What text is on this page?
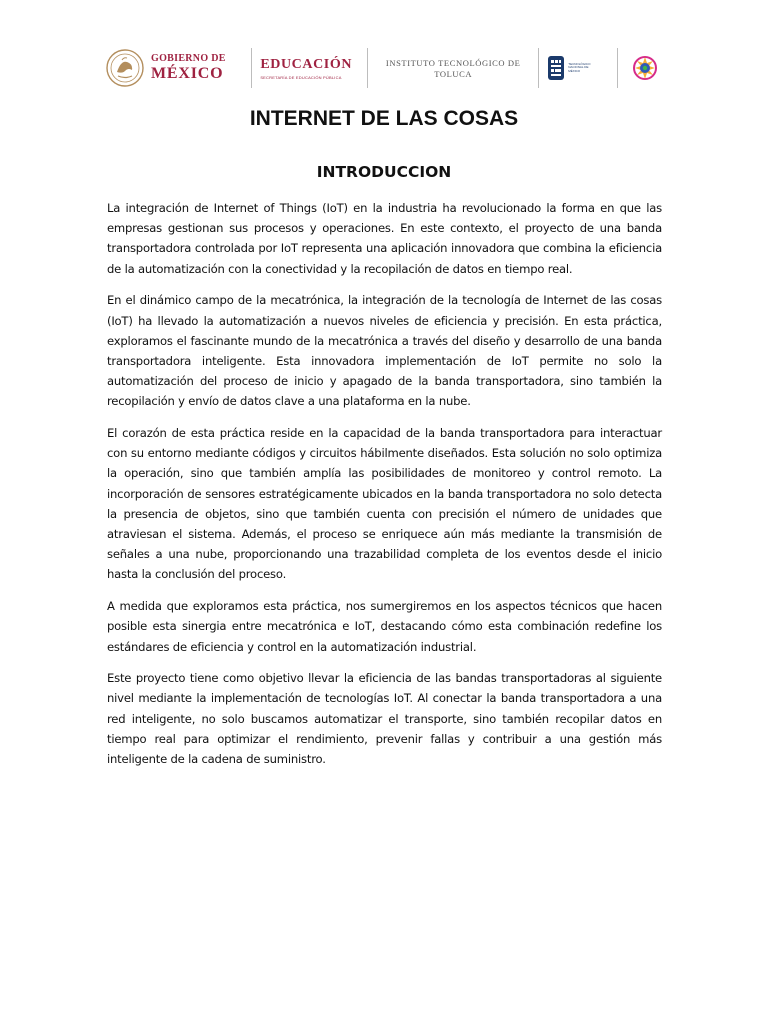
GOBIERNO DE
MÉXICO
EDUCACIÓN
SECRETARÍA DE EDUCACIÓN PÚBLICA
INSTITUTO TECNOLÓGICO DE
TOLUCA
TECNOLÓGICO NACIONAL DE MÉXICO
INTERNET DE LAS COSAS
INTRODUCCION

La integración de Internet of Things (IoT) en la industria ha revolucionado la forma en que las empresas gestionan sus procesos y operaciones. En este contexto, el proyecto de una banda transportadora controlada por IoT representa una aplicación innovadora que combina la eficiencia de la automatización con la conectividad y la recopilación de datos en tiempo real.

En el dinámico campo de la mecatrónica, la integración de la tecnología de Internet de las cosas (IoT) ha llevado la automatización a nuevos niveles de eficiencia y precisión. En esta práctica, exploramos el fascinante mundo de la mecatrónica a través del diseño y desarrollo de una banda transportadora inteligente. Esta innovadora implementación de IoT permite no solo la automatización del proceso de inicio y apagado de la banda transportadora, sino también la recopilación y envío de datos clave a una plataforma en la nube.

El corazón de esta práctica reside en la capacidad de la banda transportadora para interactuar con su entorno mediante códigos y circuitos hábilmente diseñados. Esta solución no solo optimiza la operación, sino que también amplía las posibilidades de monitoreo y control remoto. La incorporación de sensores estratégicamente ubicados en la banda transportadora no solo detecta la presencia de objetos, sino que también cuenta con precisión el número de unidades que atraviesan el sistema. Además, el proceso se enriquece aún más mediante la transmisión de señales a una nube, proporcionando una trazabilidad completa de los eventos desde el inicio hasta la conclusión del proceso.

A medida que exploramos esta práctica, nos sumergiremos en los aspectos técnicos que hacen posible esta sinergia entre mecatrónica e IoT, destacando cómo esta combinación redefine los estándares de eficiencia y control en la automatización industrial.

Este proyecto tiene como objetivo llevar la eficiencia de las bandas transportadoras al siguiente nivel mediante la implementación de tecnologías IoT. Al conectar la banda transportadora a una red inteligente, no solo buscamos automatizar el transporte, sino también recopilar datos en tiempo real para optimizar el rendimiento, prevenir fallas y contribuir a una gestión más inteligente de la cadena de suministro.
